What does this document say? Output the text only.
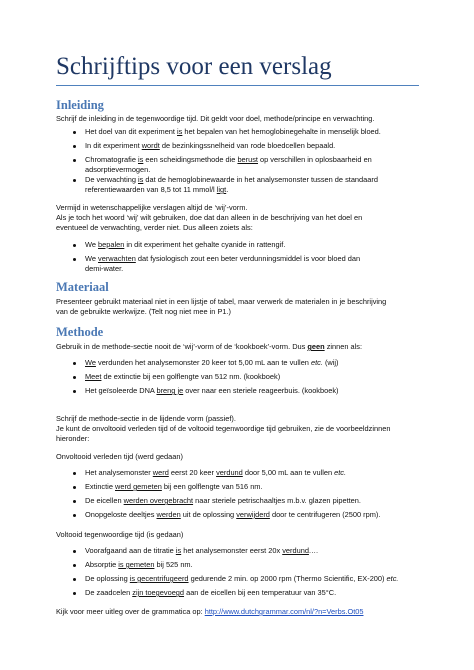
Schrijftips voor een verslag
Inleiding
Schrijf de inleiding in de tegenwoordige tijd. Dit geldt voor doel, methode/principe en verwachting.
Het doel van dit experiment is het bepalen van het hemoglobinegehalte in menselijk bloed.
In dit experiment wordt de bezinkingssnelheid van rode bloedcellen bepaald.
Chromatografie is een scheidingsmethode die berust op verschillen in oplosbaarheid en
adsorptievermogen.
De verwachting is dat de hemoglobinewaarde in het analysemonster tussen de standaard
referentiewaarden van 8,5 tot 11 mmol/l ligt.
Vermijd in wetenschappelijke verslagen altijd de ‘wij’-vorm.
Als je toch het woord ‘wij’ wilt gebruiken, doe dat dan alleen in de beschrijving van het doel en
eventueel de verwachting, verder niet. Dus alleen zoiets als:
We bepalen in dit experiment het gehalte cyanide in rattengif.
We verwachten dat fysiologisch zout een beter verdunningsmiddel is voor bloed dan
demi-water.
Materiaal
Presenteer gebruikt materiaal niet in een lijstje of tabel, maar verwerk de materialen in je beschrijving
van de gebruikte werkwijze. (Telt nog niet mee in P1.)
Methode
Gebruik in de methode-sectie nooit de ‘wij’-vorm of de ‘kookboek’-vorm. Dus geen zinnen als:
We verdunden het analysemonster 20 keer tot 5,00 mL aan te vullen etc. (wij)
Meet de extinctie bij een golflengte van 512 nm. (kookboek)
Het geïsoleerde DNA breng je over naar een steriele reageerbuis. (kookboek)
Schrijf de methode-sectie in de lijdende vorm (passief).
Je kunt de onvoltooid verleden tijd of de voltooid tegenwoordige tijd gebruiken, zie de voorbeeldzinnen
hieronder:
Onvoltooid verleden tijd (werd gedaan)
Het analysemonster werd eerst 20 keer verdund door 5,00 mL aan te vullen etc.
Extinctie werd gemeten bij een golflengte van 516 nm.
De eicellen werden overgebracht naar steriele petrischaaltjes m.b.v. glazen pipetten.
Onopgeloste deeltjes werden uit de oplossing verwijderd door te centrifugeren (2500 rpm).
Voltooid tegenwoordige tijd (is gedaan)
Voorafgaand aan de titratie is het analysemonster eerst 20x verdund.…
Absorptie is gemeten bij 525 nm.
De oplossing is gecentrifugeerd gedurende 2 min. op 2000 rpm (Thermo Scientific, EX-200) etc.
De zaadcelen zijn toegevoegd aan de eicellen bij een temperatuur van 35°C.
Kijk voor meer uitleg over de grammatica op: http://www.dutchgrammar.com/nl/?n=Verbs.Ot05
